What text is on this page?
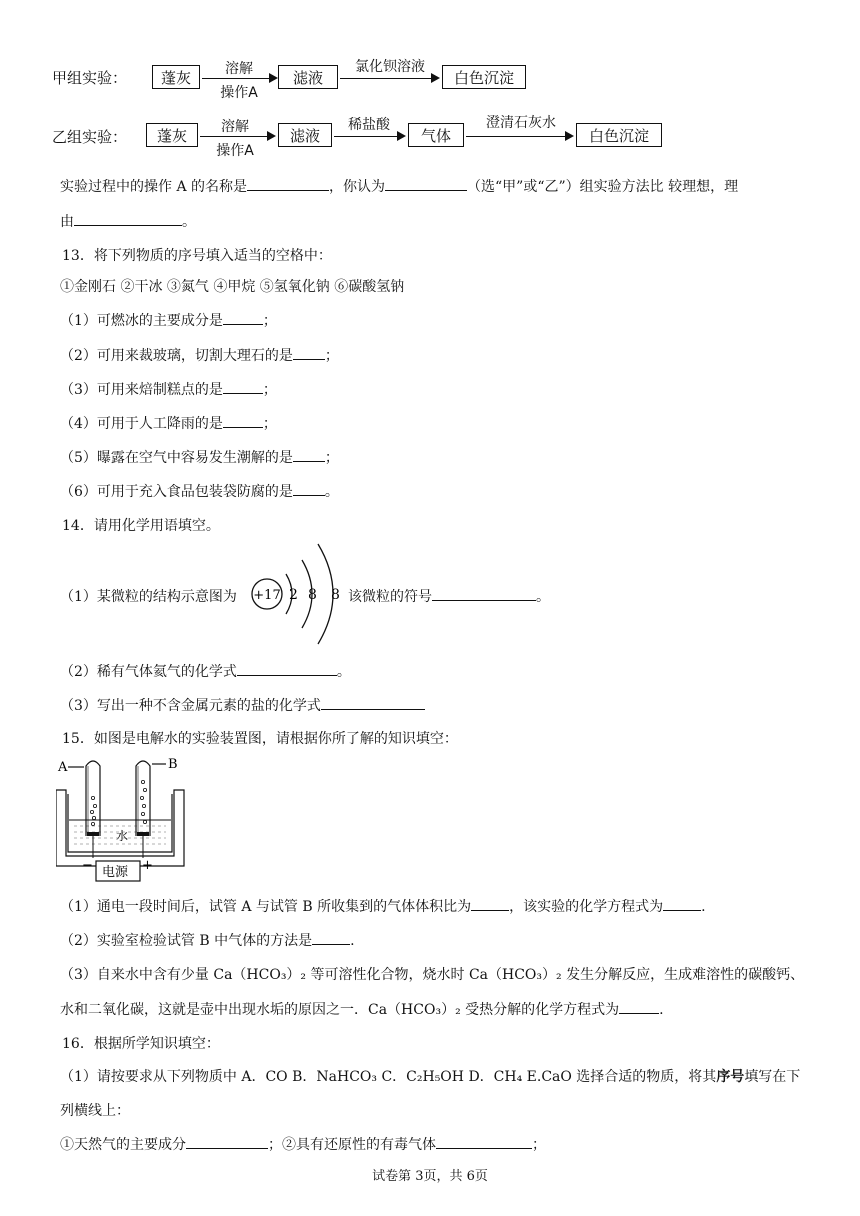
甲组实验：	蓬灰	溶解
操作A
滤液
氯化钡溶液
白色沉淀
乙组实验：	蓬灰	溶解
操作A
滤液
稀盐酸
气体
澄清石灰水
白色沉淀
实验过程中的操作 A 的名称是	，你认为	（选“甲”或“乙”）组实验方法比 较理想，理
由	。
13．将下列物质的序号填入适当的空格中：
①金刚石 ②干冰 ③氮气 ④甲烷 ⑤氢氧化钠 ⑥碳酸氢钠
（1）可燃冰的主要成分是	；
（2）可用来裁玻璃，切割大理石的是 ；
（3）可用来焙制糕点的是	；
（4）可用于人工降雨的是	；
（5）曝露在空气中容易发生潮解的是 ；
（6）可用于充入食品包装袋防腐的是 。
14．请用化学用语填空。
（1）某微粒的结构示意图为 +17 2 8 8 该微粒的符号	。
（2）稀有气体氦气的化学式	。
（3）写出一种不含金属元素的盐的化学式
15．如图是电解水的实验装置图，请根据你所了解的知识填空：
A	B
水
电源
−	+
（1）通电一段时间后，试管 A 与试管 B 所收集到的气体体积比为	，该实验的化学方程式为	.
（2）实验室检验试管 B 中气体的方法是	.
（3）自来水中含有少量 Ca（HCO₃）₂ 等可溶性化合物，烧水时 Ca（HCO₃）₂ 发生分解反应，生成难溶性的碳酸钙、
水和二氧化碳，这就是壶中出现水垢的原因之一．Ca（HCO₃）₂ 受热分解的化学方程式为	.
16．根据所学知识填空：
（1）请按要求从下列物质中 A．CO B．NaHCO₃ C．C₂H₅OH D．CH₄ E.CaO 选择合适的物质，将其序号填写在下
列横线上：
①天然气的主要成分	；②具有还原性的有毒气体	；
试卷第 3页，共 6页
